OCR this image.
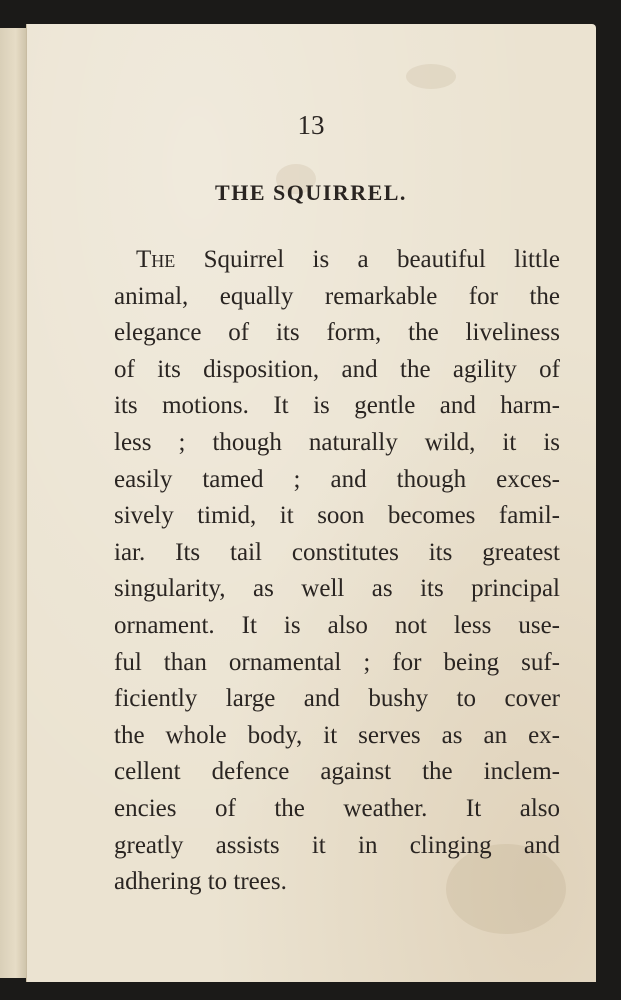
13
THE SQUIRREL.
The Squirrel is a beautiful little
animal, equally remarkable for the
elegance of its form, the liveliness
of its disposition, and the agility of
its motions. It is gentle and harm-
less ; though naturally wild, it is
easily tamed ; and though exces-
sively timid, it soon becomes famil-
iar. Its tail constitutes its greatest
singularity, as well as its principal
ornament. It is also not less use-
ful than ornamental ; for being suf-
ficiently large and bushy to cover
the whole body, it serves as an ex-
cellent defence against the inclem-
encies of the weather. It also
greatly assists it in clinging and
adhering to trees.
